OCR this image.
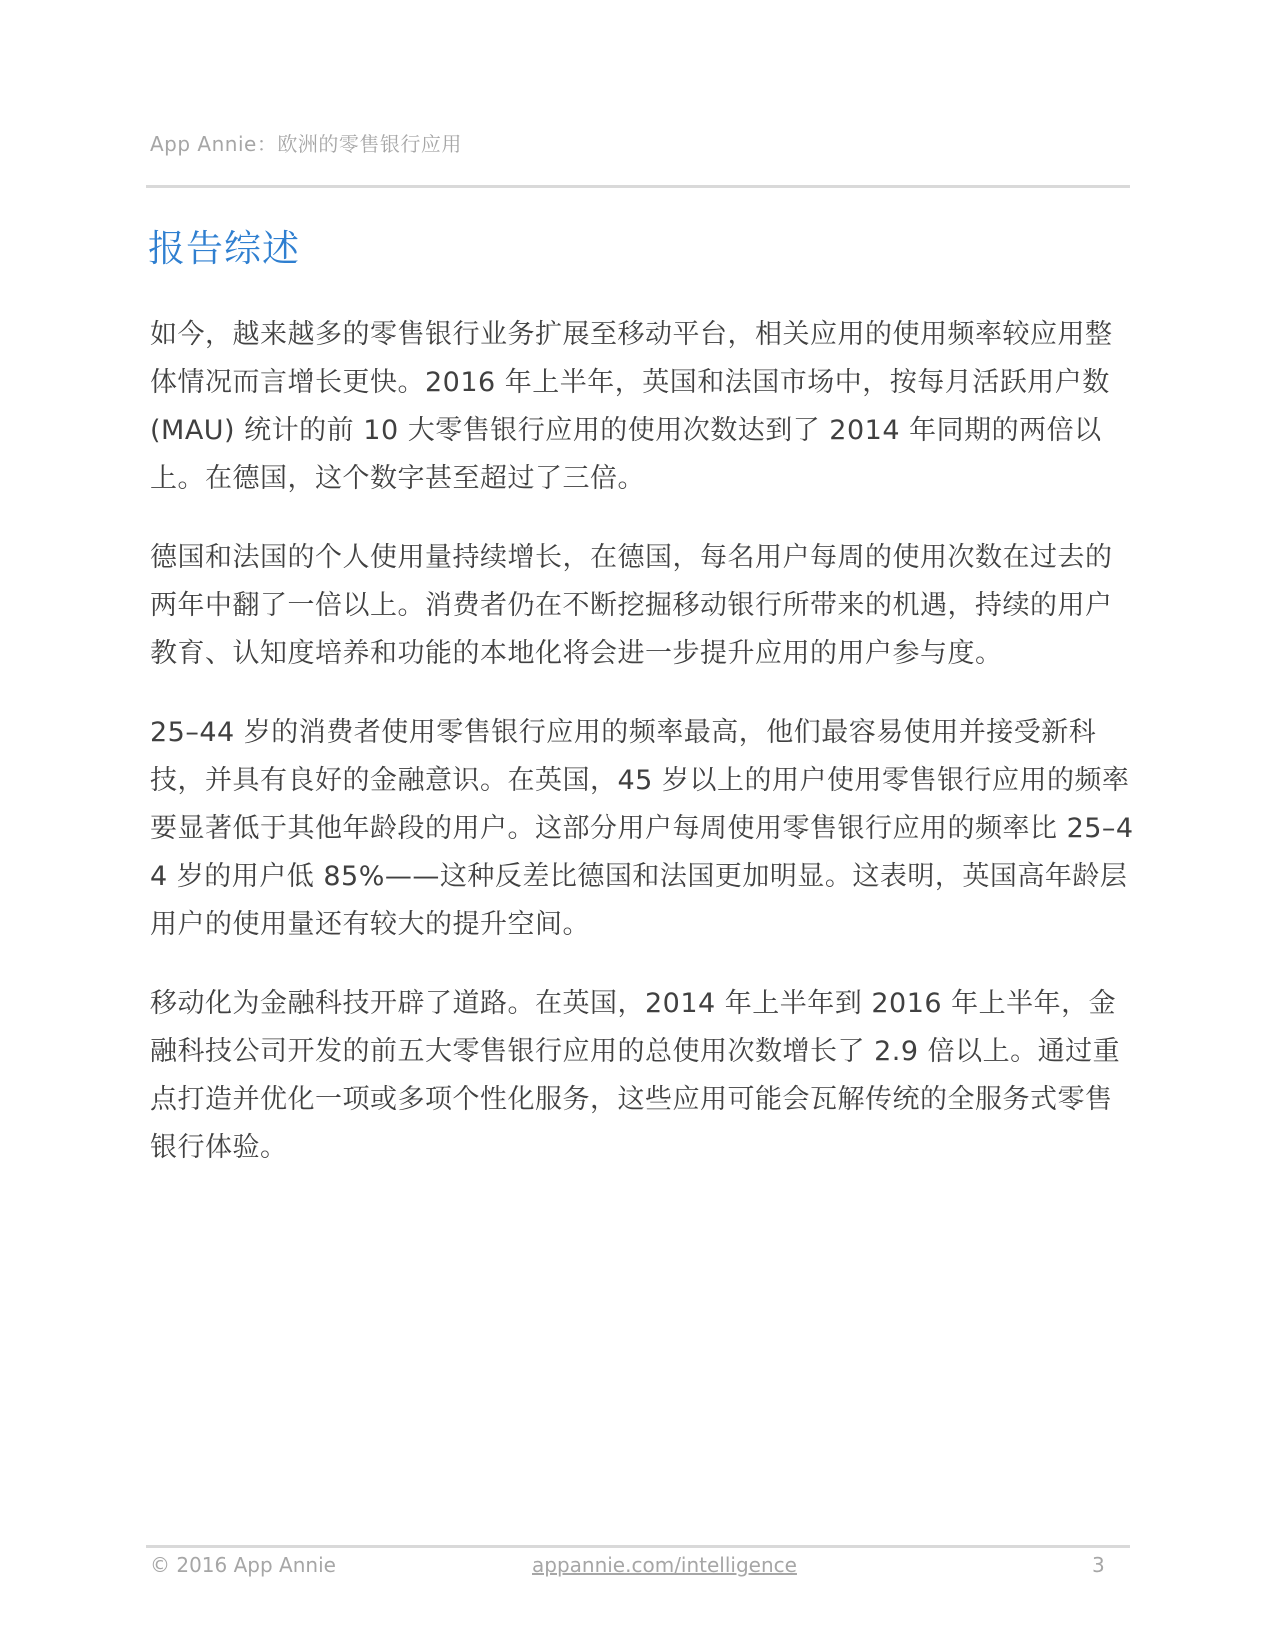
App Annie：欧洲的零售银行应用
报告综述

如今，越来越多的零售银行业务扩展至移动平台，相关应用的使用频率较应用整体情况而言增长更快。2016 年上半年，英国和法国市场中，按每月活跃用户数 (MAU) 统计的前 10 大零售银行应用的使用次数达到了 2014 年同期的两倍以上。在德国，这个数字甚至超过了三倍。

德国和法国的个人使用量持续增长，在德国，每名用户每周的使用次数在过去的两年中翻了一倍以上。消费者仍在不断挖掘移动银行所带来的机遇，持续的用户教育、认知度培养和功能的本地化将会进一步提升应用的用户参与度。

25–44 岁的消费者使用零售银行应用的频率最高，他们最容易使用并接受新科技，并具有良好的金融意识。在英国，45 岁以上的用户使用零售银行应用的频率要显著低于其他年龄段的用户。这部分用户每周使用零售银行应用的频率比 25–44 岁的用户低 85%——这种反差比德国和法国更加明显。这表明，英国高年龄层用户的使用量还有较大的提升空间。

移动化为金融科技开辟了道路。在英国，2014 年上半年到 2016 年上半年，金融科技公司开发的前五大零售银行应用的总使用次数增长了 2.9 倍以上。通过重点打造并优化一项或多项个性化服务，这些应用可能会瓦解传统的全服务式零售银行体验。

© 2016 App Annie	appannie.com/intelligence	3
